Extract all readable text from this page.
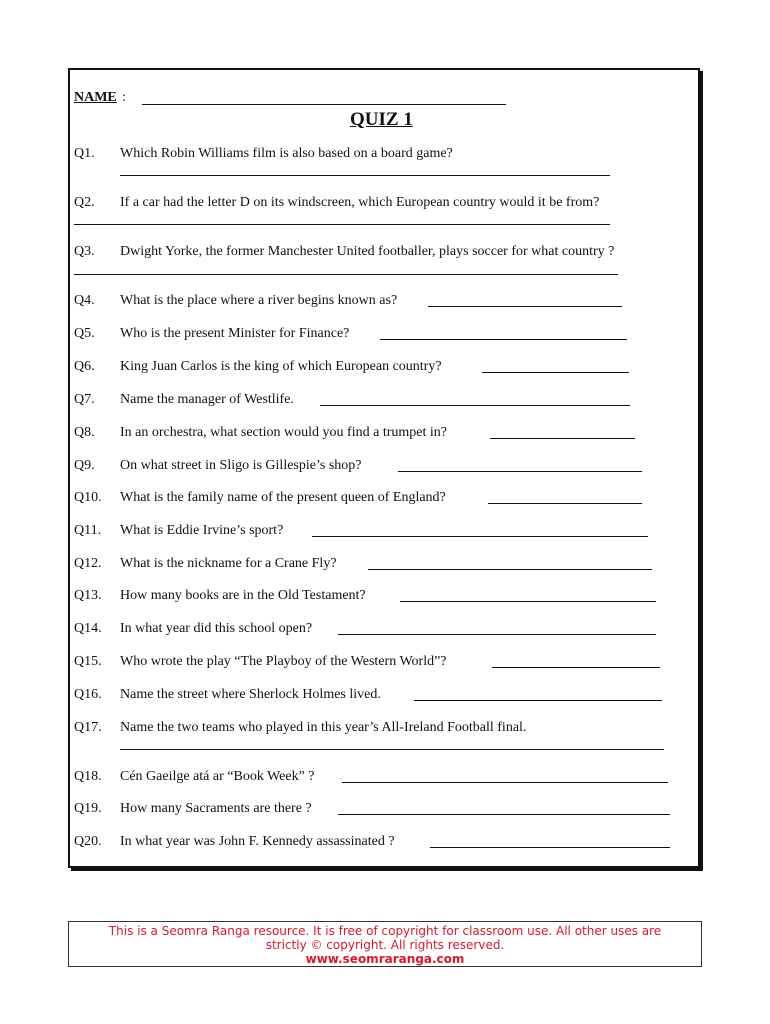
NAME :
QUIZ 1
Q1. Which Robin Williams film is also based on a board game?
Q2. If a car had the letter D on its windscreen, which European country would it be from?
Q3. Dwight Yorke, the former Manchester United footballer, plays soccer for what country ?
Q4. What is the place where a river begins known as?
Q5. Who is the present Minister for Finance?
Q6. King Juan Carlos is the king of which European country?
Q7. Name the manager of Westlife.
Q8. In an orchestra, what section would you find a trumpet in?
Q9. On what street in Sligo is Gillespie’s shop?
Q10. What is the family name of the present queen of England?
Q11. What is Eddie Irvine’s sport?
Q12. What is the nickname for a Crane Fly?
Q13. How many books are in the Old Testament?
Q14. In what year did this school open?
Q15. Who wrote the play “The Playboy of the Western World”?
Q16. Name the street where Sherlock Holmes lived.
Q17. Name the two teams who played in this year’s All-Ireland Football final.
Q18. Cén Gaeilge atá ar “Book Week” ?
Q19. How many Sacraments are there ?
Q20. In what year was John F. Kennedy assassinated ?
This is a Seomra Ranga resource. It is free of copyright for classroom use. All other uses are
strictly © copyright. All rights reserved.
www.seomraranga.com
